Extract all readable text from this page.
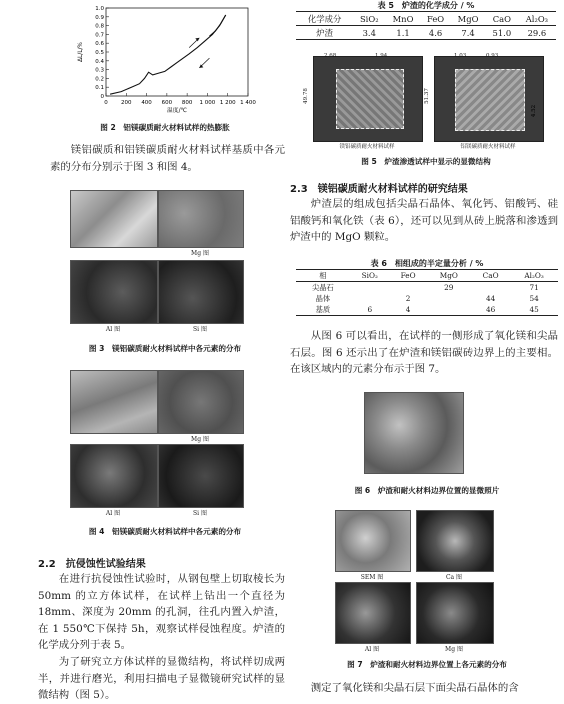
0
0.1
0.2
0.3
0.4
0.5
0.6
0.7
0.8
0.9
1.0
0 200 400 600 800 1 000 1 200 1 400
温度/℃
ΔL/L/%
图 2　铝镁碳质耐火材料试样的热膨胀

镁铝碳质和铝镁碳质耐火材料试样基质中各元素的分布分别示于图 3 和图 4。

Mg 图
Al 图	Si 图
图 3　镁铝碳质耐火材料试样中各元素的分布
Mg 图
Al 图	Si 图
图 4　铝镁碳质耐火材料试样中各元素的分布
2.2　抗侵蚀性试验结果

在进行抗侵蚀性试验时，从钢包壁上切取棱长为 50mm 的立方体试样，在试样上钻出一个直径为 18mm、深度为 20mm 的孔洞，往孔内置入炉渣，在 1 550℃下保持 5h，观察试样侵蚀程度。炉渣的化学成分列于表 5。

为了研究立方体试样的显微结构，将试样切成两半，并进行磨光，利用扫描电子显微镜研究试样的显微结构（图 5）。

表 5　炉渣的化学成分 / %
化学成分	SiO₂	MnO	FeO	MgO	CaO	Al₂O₃
炉渣	3.4	1.1	4.6	7.4	51.0	29.6
2.68	1.94
49.78
1.03	0.93
51.37
4.52
镁铝碳质耐火材料试样	铝镁碳质耐火材料试样
图 5　炉渣渗透试样中显示的显微结构
2.3　镁铝碳质耐火材料试样的研究结果

炉渣层的组成包括尖晶石晶体、氧化钙、铝酸钙、硅铝酸钙和氧化铁（表 6），还可以见到从砖上脱落和渗透到炉渣中的 MgO 颗粒。

表 6　相组成的半定量分析 / %
相	SiO₂	FeO	MgO	CaO	Al₂O₃
尖晶石			29		71
晶体		2		44	54
基质	6	4		46	45

从图 6 可以看出，在试样的一侧形成了氧化镁和尖晶石层。图 6 还示出了在炉渣和镁铝碳砖边界上的主要相。在该区域内的元素分布示于图 7。

图 6　炉渣和耐火材料边界位置的显微照片
SEM 图	Ca 图
Al 图	Mg 图
图 7　炉渣和耐火材料边界位置上各元素的分布

测定了氧化镁和尖晶石层下面尖晶石晶体的含
